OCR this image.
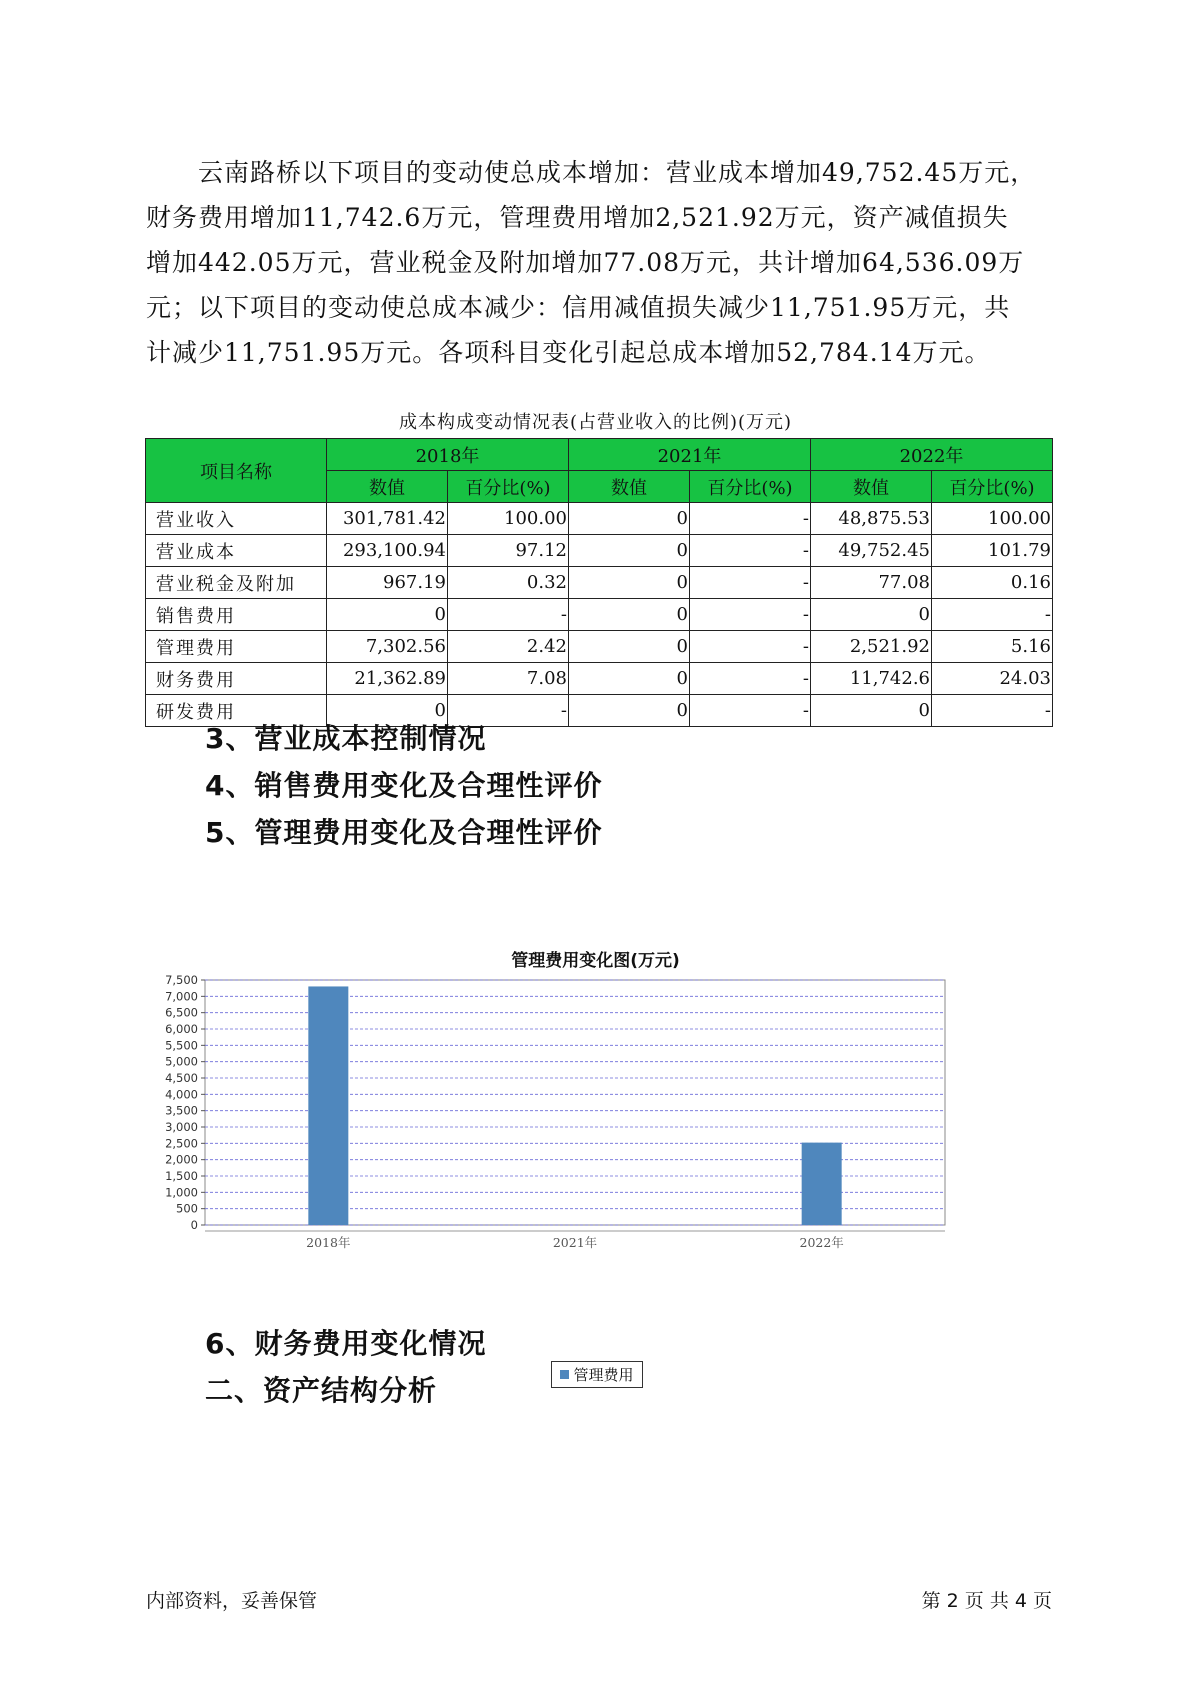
　　云南路桥以下项目的变动使总成本增加：营业成本增加49,752.45万元，
财务费用增加11,742.6万元，管理费用增加2,521.92万元，资产减值损失
增加442.05万元，营业税金及附加增加77.08万元，共计增加64,536.09万
元；以下项目的变动使总成本减少：信用减值损失减少11,751.95万元，共
计减少11,751.95万元。各项科目变化引起总成本增加52,784.14万元。
成本构成变动情况表(占营业收入的比例)(万元)
项目名称	2018年		2021年		2022年	
	数值	百分比(%)	数值	百分比(%)	数值	百分比(%)
营业收入	301,781.42	100.00	0	-	48,875.53	100.00
营业成本	293,100.94	97.12	0	-	49,752.45	101.79
营业税金及附加	967.19	0.32	0	-	77.08	0.16
销售费用	0	-	0	-	0	-
管理费用	7,302.56	2.42	0	-	2,521.92	5.16
财务费用	21,362.89	7.08	0	-	11,742.6	24.03
研发费用	0	-	0	-	0	-
3、营业成本控制情况
4、销售费用变化及合理性评价
5、管理费用变化及合理性评价
管理费用变化图(万元)
0
500
1,000
1,500
2,000
2,500
3,000
3,500
4,000
4,500
5,000
5,500
6,000
6,500
7,000
7,500
2018年	2021年	2022年
管理费用
6、财务费用变化情况
二、资产结构分析
内部资料，妥善保管	第 2 页 共 4 页
